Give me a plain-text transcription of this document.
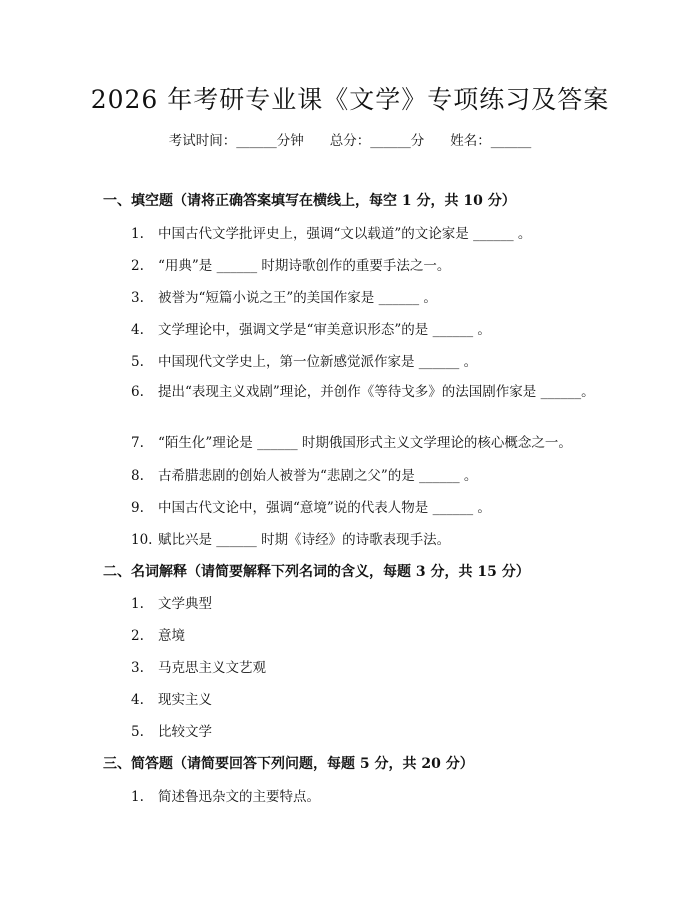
2026 年考研专业课《文学》专项练习及答案
考试时间：______分钟 总分：______分 姓名：______
一、填空题（请将正确答案填写在横线上，每空 1 分，共 10 分）
1. 中国古代文学批评史上，强调“文以载道”的文论家是 ______ 。
2. “用典”是 ______ 时期诗歌创作的重要手法之一。
3. 被誉为“短篇小说之王”的美国作家是 ______ 。
4. 文学理论中，强调文学是“审美意识形态”的是 ______ 。
5. 中国现代文学史上，第一位新感觉派作家是 ______ 。
6. 提出“表现主义戏剧”理论，并创作《等待戈多》的法国剧作家是 ______。
7. “陌生化”理论是 ______ 时期俄国形式主义文学理论的核心概念之一。
8. 古希腊悲剧的创始人被誉为“悲剧之父”的是 ______ 。
9. 中国古代文论中，强调“意境”说的代表人物是 ______ 。
10. 赋比兴是 ______ 时期《诗经》的诗歌表现手法。
二、名词解释（请简要解释下列名词的含义，每题 3 分，共 15 分）
1. 文学典型
2. 意境
3. 马克思主义文艺观
4. 现实主义
5. 比较文学
三、简答题（请简要回答下列问题，每题 5 分，共 20 分）
1. 简述鲁迅杂文的主要特点。
